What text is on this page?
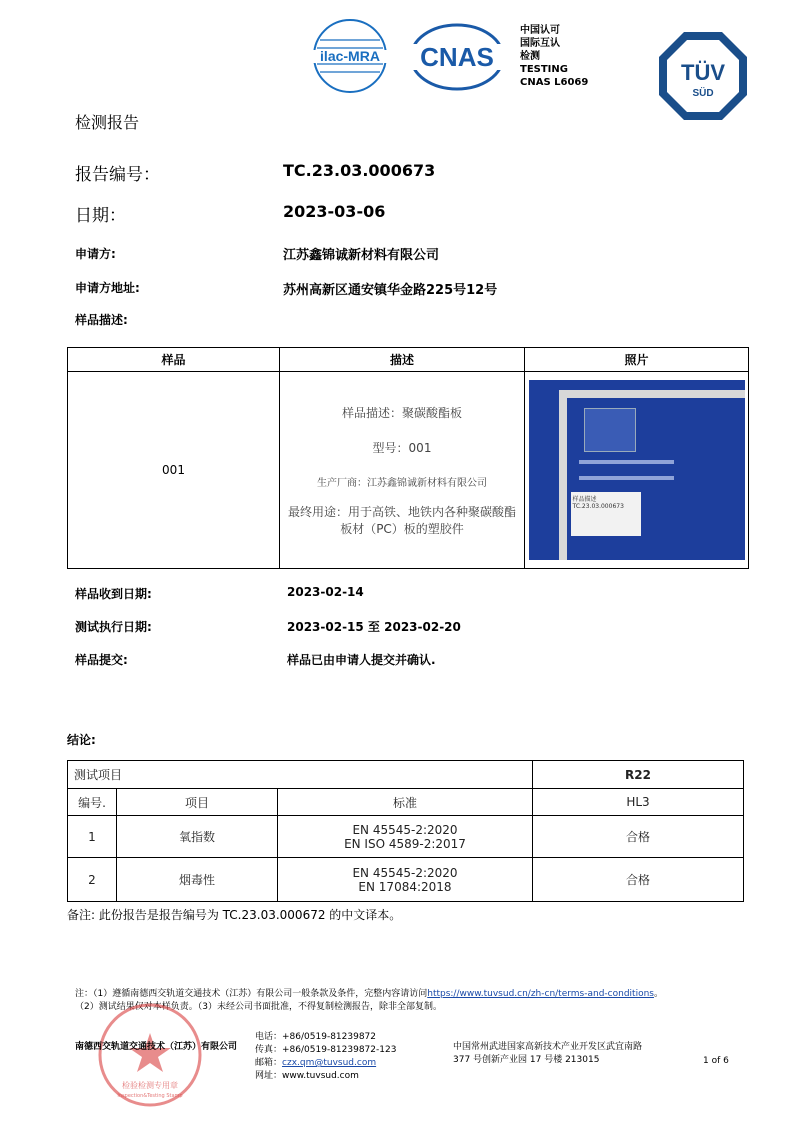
ilac-MRA CNAS
中国认可
国际互认
检测
TESTING
CNAS L6069	TÜV
SÜD
检测报告
报告编号：	TC.23.03.000673
日期：	2023-03-06
申请方:	江苏鑫锦诚新材料有限公司
申请方地址:	苏州高新区通安镇华金路225号12号
样品描述:
样品	描述	照片
001	样品描述：聚碳酸酯板

型号：001

生产厂商：江苏鑫锦诚新材料有限公司

最终用途：用于高铁、地铁内各种聚碳酸酯板材（PC）板的塑胶件	样品描述 TC.23.03.000673
样品收到日期:	2023-02-14
测试执行日期:	2023-02-15 至 2023-02-20
样品提交:	样品已由申请人提交并确认.
结论:
测试项目			R22
编号.	项目	标准	HL3
1	氧指数	EN 45545-2:2020
EN ISO 4589-2:2017	合格
2	烟毒性	EN 45545-2:2020
EN 17084:2018	合格
备注: 此份报告是报告编号为 TC.23.03.000672 的中文译本。
注：（1）遵循南德西交轨道交通技术（江苏）有限公司一般条款及条件，完整内容请访问https://www.tuvsud.cn/zh-cn/terms-and-conditions。
（2）测试结果仅对本样负责。（3）未经公司书面批准，不得复制检测报告，除非全部复制。
检验检测专用章
Inspection&Testing Stamp
南德西交轨道交通技术（江苏）有限公司
电话：+86/0519-81239872
传真：+86/0519-81239872-123
邮箱：czx.qm@tuvsud.com
网址：www.tuvsud.com
中国常州武进国家高新技术产业开发区武宜南路
377 号创新产业园 17 号楼 213015	1 of 6
